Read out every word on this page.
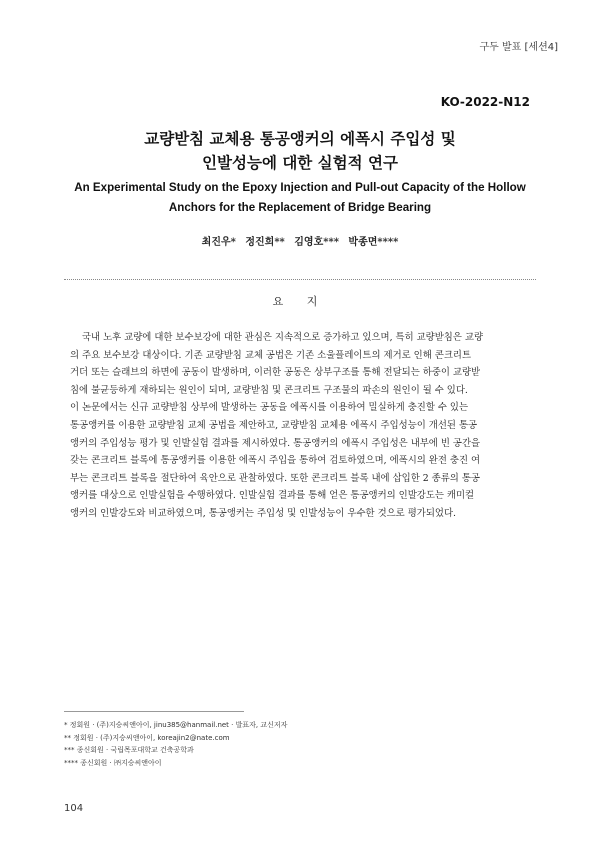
구두 발표 [세션4]
KO-2022-N12
교량받침 교체용 통공앵커의 에폭시 주입성 및
인발성능에 대한 실험적 연구
An Experimental Study on the Epoxy Injection and Pull-out Capacity of the Hollow
Anchors for the Replacement of Bridge Bearing
최진우* 정진희** 김영호*** 박종면****
요 지
국내 노후 교량에 대한 보수보강에 대한 관심은 지속적으로 증가하고 있으며, 특히 교량받침은 교량
의 주요 보수보강 대상이다. 기존 교량받침 교체 공법은 기존 소울플레이트의 제거로 인해 콘크리트
거더 또는 슬래브의 하면에 공동이 발생하며, 이러한 공동은 상부구조를 통해 전달되는 하중이 교량받
침에 불균등하게 재하되는 원인이 되며, 교량받침 및 콘크리트 구조물의 파손의 원인이 될 수 있다.
이 논문에서는 신규 교량받침 상부에 발생하는 공동을 에폭시를 이용하여 밀실하게 충진할 수 있는
통공앵커를 이용한 교량받침 교체 공법을 제안하고, 교량받침 교체용 에폭시 주입성능이 개선된 통공
앵커의 주입성능 평가 및 인발실험 결과를 제시하였다. 통공앵커의 에폭시 주입성은 내부에 빈 공간을
갖는 콘크리트 블록에 통공앵커를 이용한 에폭시 주입을 통하여 검토하였으며, 에폭시의 완전 충진 여
부는 콘크리트 블록을 절단하여 육안으로 관찰하였다. 또한 콘크리트 블록 내에 삽입한 2 종류의 통공
앵커를 대상으로 인발실험을 수행하였다. 인발실험 결과를 통해 얻은 통공앵커의 인발강도는 캐미컬
앵커의 인발강도와 비교하였으며, 통공앵커는 주입성 및 인발성능이 우수한 것으로 평가되었다.
* 정회원 · (주)지승씨앤아이, jinu385@hanmail.net · 발표자, 교신저자
** 정회원 · (주)지승씨앤아이, koreajin2@nate.com
*** 종신회원 · 국립목포대학교 건축공학과
**** 종신회원 · ㈜지승씨앤아이
104
